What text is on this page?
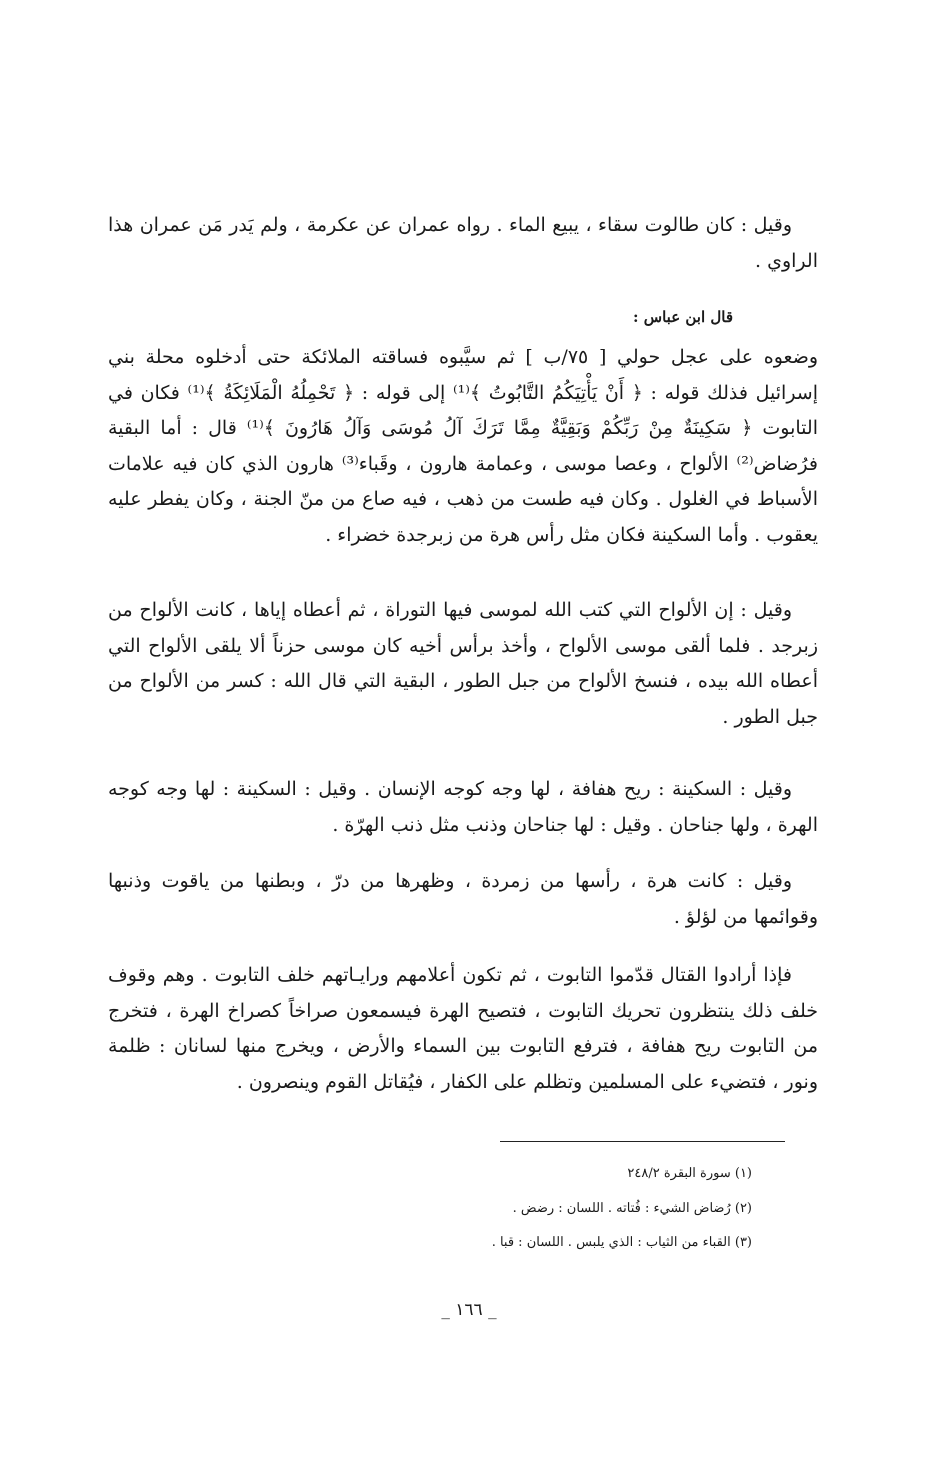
وقيل : كان طالوت سقاء ، يبيع الماء . رواه عمران عن عكرمة ، ولم يَدر مَن عمران هذا الراوي .
قال ابن عباس :
وضعوه على عجل حولي [ ٧٥/ب ] ثم سيَّبوه فساقته الملائكة حتى أدخلوه محلة بني إسرائيل فذلك قوله : ﴿ أَنْ يَأْتِيَكُمُ التَّابُوتُ ﴾⁽¹⁾ إلى قوله : ﴿ تَحْمِلُهُ الْمَلَائِكَةُ ﴾⁽¹⁾ فكان في التابوت ﴿ سَكِينَةٌ مِنْ رَبِّكُمْ وَبَقِيَّةٌ مِمَّا تَرَكَ آلُ مُوسَى وَآلُ هَارُونَ ﴾⁽¹⁾ قال : أما البقية فرُضاض⁽²⁾ الألواح ، وعصا موسى ، وعمامة هارون ، وقَباء⁽³⁾ هارون الذي كان فيه علامات الأسباط في الغلول . وكان فيه طست من ذهب ، فيه صاع من منّ الجنة ، وكان يفطر عليه يعقوب . وأما السكينة فكان مثل رأس هرة من زبرجدة خضراء .
وقيل : إن الألواح التي كتب الله لموسى فيها التوراة ، ثم أعطاه إياها ، كانت الألواح من زبرجد . فلما ألقى موسى الألواح ، وأخذ برأس أخيه كان موسى حزناً ألا يلقى الألواح التي أعطاه الله بيده ، فنسخ الألواح من جبل الطور ، البقية التي قال الله : كسر من الألواح من جبل الطور .
وقيل : السكينة : ريح هفافة ، لها وجه كوجه الإنسان . وقيل : السكينة : لها وجه كوجه الهرة ، ولها جناحان . وقيل : لها جناحان وذنب مثل ذنب الهرّة .
وقيل : كانت هرة ، رأسها من زمردة ، وظهرها من درّ ، وبطنها من ياقوت وذنبها وقوائمها من لؤلؤ .
فإذا أرادوا القتال قدّموا التابوت ، ثم تكون أعلامهم ورايـاتهم خلف التابوت . وهم وقوف خلف ذلك ينتظرون تحريك التابوت ، فتصيح الهرة فيسمعون صراخاً كصراخ الهرة ، فتخرج من التابوت ريح هفافة ، فترفع التابوت بين السماء والأرض ، ويخرج منها لسانان : ظلمة ونور ، فتضيء على المسلمين وتظلم على الكفار ، فيُقاتل القوم وينصرون .
(١) سورة البقرة ٢٤٨/٢
(٢) رُضاض الشيء : فُتاته . اللسان : رضض .
(٣) القباء من الثياب : الذي يلبس . اللسان : قبا .
_ ١٦٦ _
